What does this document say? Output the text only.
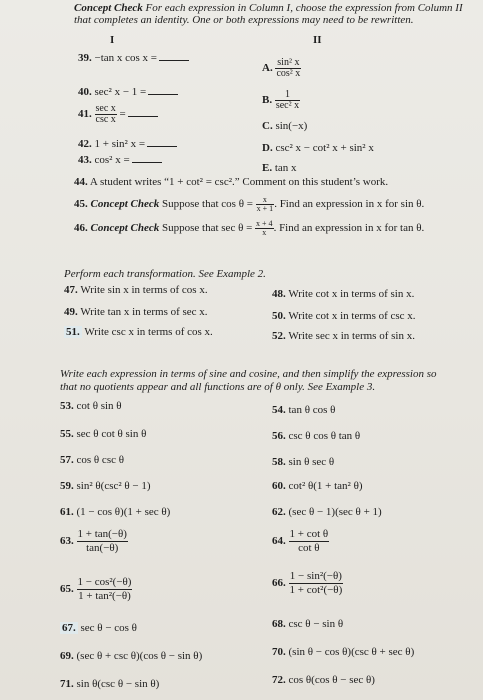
Concept Check For each expression in Column I, choose the expression from Column II
that completes an identity. One or both expressions may need to be rewritten.
I	II
39. −tan x cos x =
40. sec² x − 1 =
41. $\frac{\text{sec x}}{\text{csc x}}$ =
42. 1 + sin² x =
43. cos² x =
A. $\frac{\text{sin² x}}{\text{cos² x}}$
B. $\frac{1}{\text{sec² x}}$
C. sin(−x)
D. csc² x − cot² x + sin² x
E. tan x
44. A student writes “1 + cot² = csc².” Comment on this student’s work.
45. Concept Check Suppose that $\cos \theta = \frac{x}{x + 1}$ . Find an expression in x for sin θ.
46. Concept Check Suppose that $\sec \theta = \frac{x + 4}{x}$ . Find an expression in x for tan θ.
Perform each transformation. See Example 2.
47. Write sin x in terms of cos x.	48. Write cot x in terms of sin x.
49. Write tan x in terms of sec x.	50. Write cot x in terms of csc x.
51. Write csc x in terms of cos x.	52. Write sec x in terms of sin x.
Write each expression in terms of sine and cosine, and then simplify the expression so
that no quotients appear and all functions are of θ only. See Example 3.
53. cot θ sin θ	54. tan θ cos θ
55. sec θ cot θ sin θ	56. csc θ cos θ tan θ
57. cos θ csc θ	58. sin θ sec θ
59. sin² θ(csc² θ − 1)	60. cot² θ(1 + tan² θ)
61. (1 − cos θ)(1 + sec θ)	62. (sec θ − 1)(sec θ + 1)
63. $\frac{1 + \tan(-\theta)}{\tan(-\theta)}$	64. $\frac{\text{1 + cot θ}}{\text{cot θ}}$
65. $\frac{\text{1 − cos²(−θ)}}{\text{1 + tan²(−θ)}}$	66. $\frac{\text{1 − sin²(−θ)}}{\text{1 + cot²(−θ)}}$
67. sec θ − cos θ	68. csc θ − sin θ
69. (sec θ + csc θ)(cos θ − sin θ)	70. (sin θ − cos θ)(csc θ + sec θ)
71. sin θ(csc θ − sin θ)	72. cos θ(cos θ − sec θ)
